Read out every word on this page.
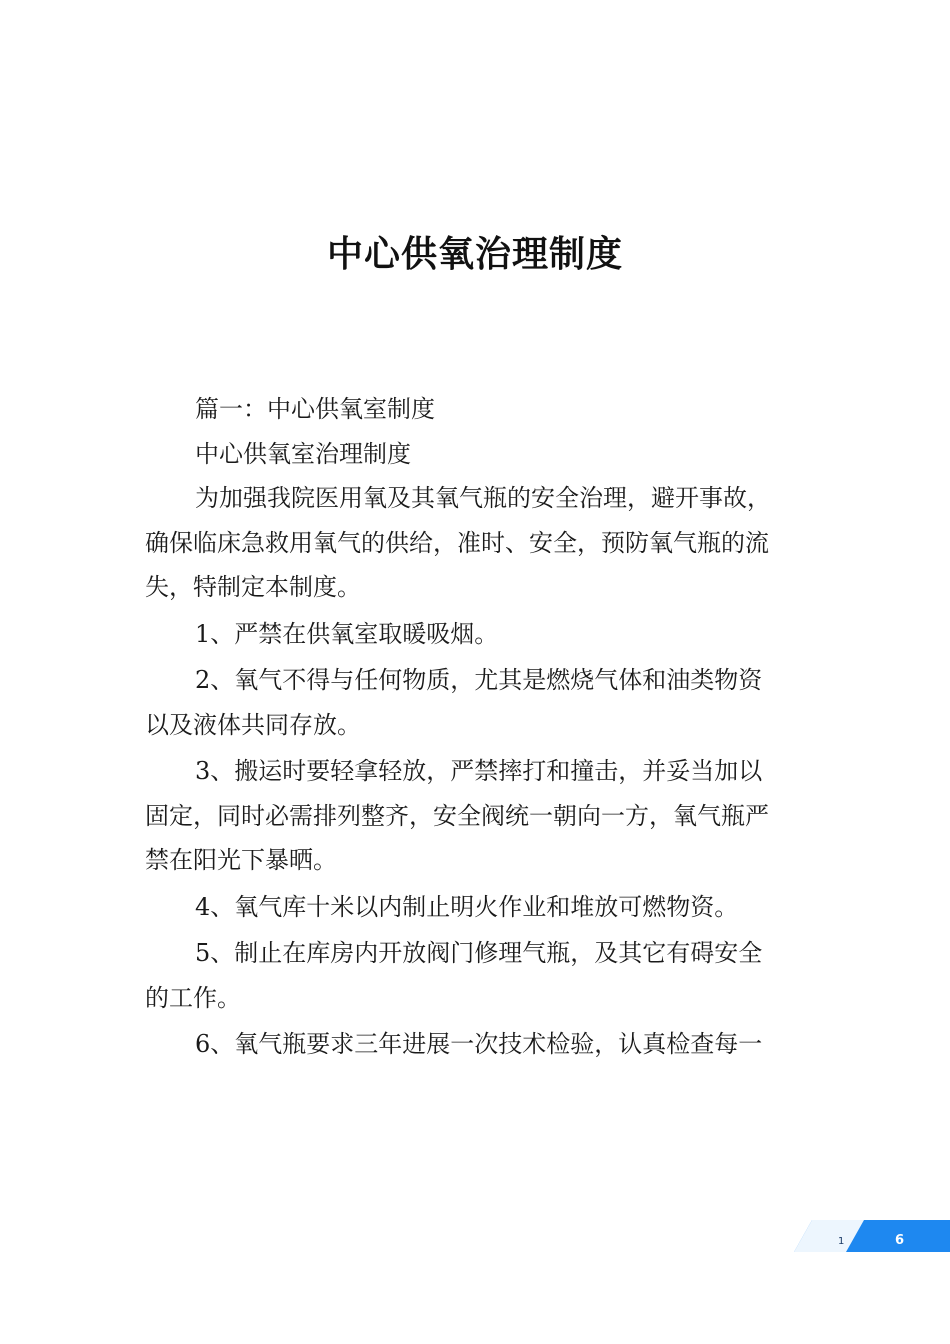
中心供氧治理制度
篇一：中心供氧室制度
中心供氧室治理制度
为加强我院医用氧及其氧气瓶的安全治理，避开事故，
确保临床急救用氧气的供给，准时、安全，预防氧气瓶的流
失，特制定本制度。
1、严禁在供氧室取暖吸烟。
2、氧气不得与任何物质，尤其是燃烧气体和油类物资
以及液体共同存放。
3、搬运时要轻拿轻放，严禁摔打和撞击，并妥当加以
固定，同时必需排列整齐，安全阀统一朝向一方，氧气瓶严
禁在阳光下暴晒。
4、氧气库十米以内制止明火作业和堆放可燃物资。
5、制止在库房内开放阀门修理气瓶，及其它有碍安全
的工作。
6、氧气瓶要求三年进展一次技术检验，认真检查每一
1	6
